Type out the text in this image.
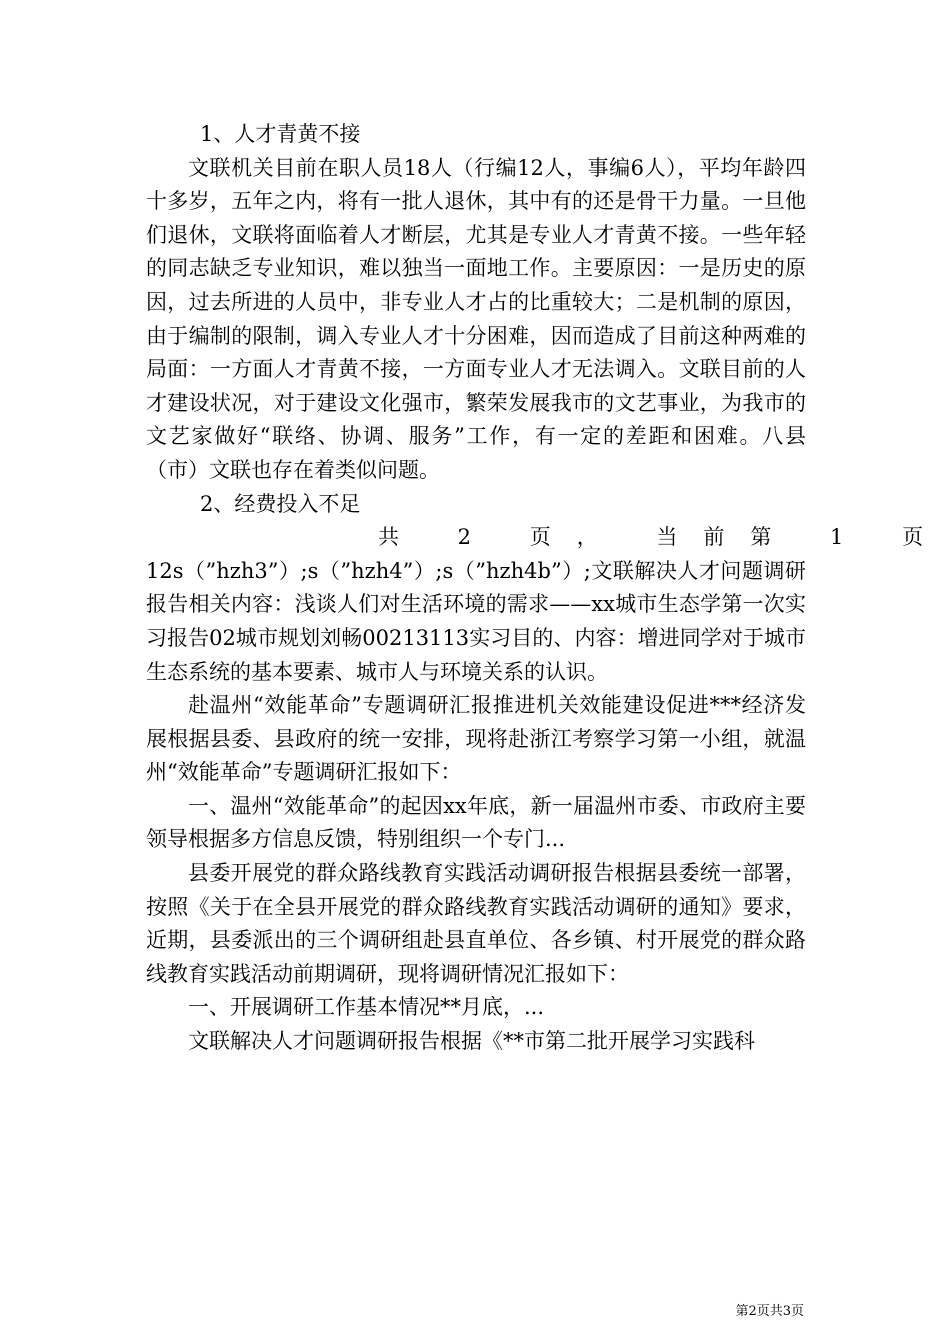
1、人才青黄不接

文联机关目前在职人员18人（行编12人，事编6人），平均年龄四十多岁，五年之内，将有一批人退休，其中有的还是骨干力量。一旦他们退休，文联将面临着人才断层，尤其是专业人才青黄不接。一些年轻的同志缺乏专业知识，难以独当一面地工作。主要原因：一是历史的原因，过去所进的人员中，非专业人才占的比重较大；二是机制的原因，由于编制的限制，调入专业人才十分困难，因而造成了目前这种两难的局面：一方面人才青黄不接，一方面专业人才无法调入。文联目前的人才建设状况，对于建设文化强市，繁荣发展我市的文艺事业，为我市的文艺家做好“联络、协调、服务”工作，有一定的差距和困难。八县（市）文联也存在着类似问题。

2、经费投入不足

共 2 页， 当前第 1 页

12s（”hzh3”）;s（”hzh4”）;s（”hzh4b”）;文联解决人才问题调研报告相关内容：浅谈人们对生活环境的需求——xx城市生态学第一次实习报告02城市规划刘畅00213113实习目的、内容：增进同学对于城市生态系统的基本要素、城市人与环境关系的认识。

赴温州“效能革命”专题调研汇报推进机关效能建设促进***经济发展根据县委、县政府的统一安排，现将赴浙江考察学习第一小组，就温州“效能革命”专题调研汇报如下：

一、温州“效能革命”的起因xx年底，新一届温州市委、市政府主要领导根据多方信息反馈，特别组织一个专门...

县委开展党的群众路线教育实践活动调研报告根据县委统一部署，按照《关于在全县开展党的群众路线教育实践活动调研的通知》要求，近期，县委派出的三个调研组赴县直单位、各乡镇、村开展党的群众路线教育实践活动前期调研，现将调研情况汇报如下：

一、开展调研工作基本情况**月底，...

文联解决人才问题调研报告根据《**市第二批开展学习实践科

第2页共3页
